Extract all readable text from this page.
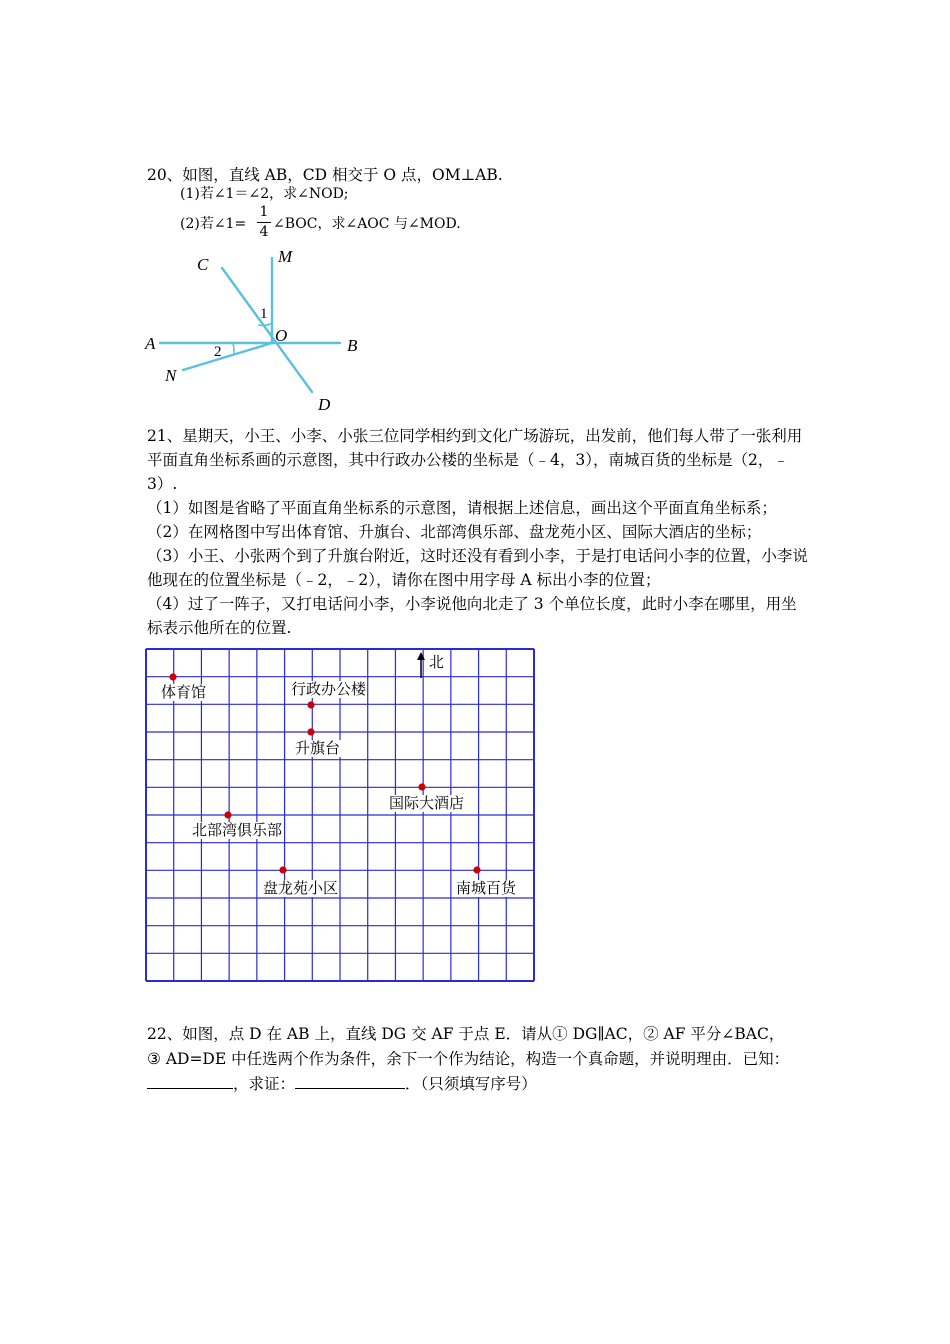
20、如图，直线 AB，CD 相交于 O 点，OM⊥AB.
(1)若∠1＝∠2，求∠NOD;
(2)若∠1=
1
4 ∠BOC，求∠AOC 与∠MOD.
C	M
A	O
B
N
D
1
2
21、星期天，小王、小李、小张三位同学相约到文化广场游玩，出发前，他们每人带了一张利用
平面直角坐标系画的示意图，其中行政办公楼的坐标是（﹣4，3），南城百货的坐标是（2，﹣
3）.
（1）如图是省略了平面直角坐标系的示意图，请根据上述信息，画出这个平面直角坐标系；
（2）在网格图中写出体育馆、升旗台、北部湾俱乐部、盘龙苑小区、国际大酒店的坐标；
（3）小王、小张两个到了升旗台附近，这时还没有看到小李，于是打电话问小李的位置，小李说
他现在的位置坐标是（﹣2，﹣2），请你在图中用字母 A 标出小李的位置；
（4）过了一阵子，又打电话问小李，小李说他向北走了 3 个单位长度，此时小李在哪里，用坐
标表示他所在的位置.
北
体育馆	行政办公楼
升旗台
国际大酒店
北部湾俱乐部
盘龙苑小区	南城百货
22、如图，点 D 在 AB 上，直线 DG 交 AF 于点 E．请从① DG∥AC，② AF 平分∠BAC，
③ AD=DE 中任选两个作为条件，余下一个作为结论，构造一个真命题，并说明理由．已知：
，求证：	．（只须填写序号）
